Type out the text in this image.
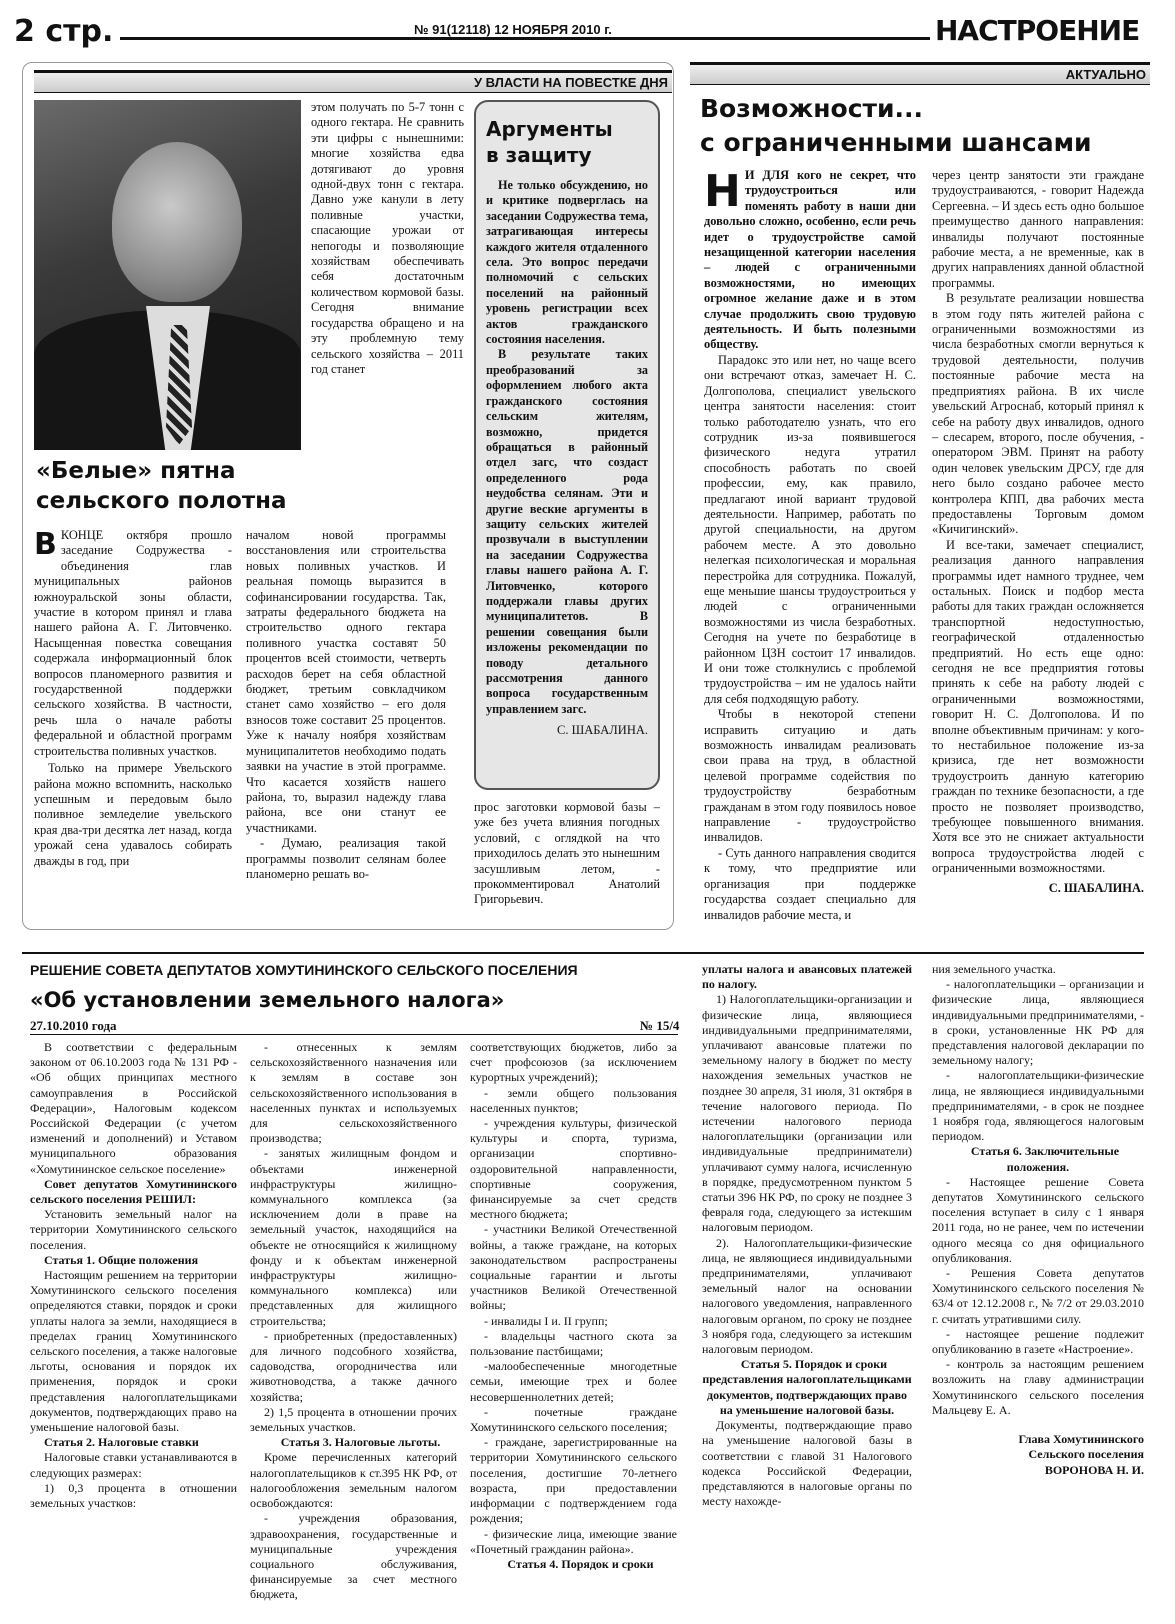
2 стр.	№ 91(12118) 12 НОЯБРЯ 2010 г.	НАСТРОЕНИЕ
У ВЛАСТИ НА ПОВЕСТКЕ ДНЯ

этом получать по 5-7 тонн с одного гектара. Не сравнить эти цифры с нынешними: многие хозяйства едва дотягивают до уровня одной-двух тонн с гектара. Давно уже канули в лету поливные участки, спасающие урожаи от непогоды и позволяющие хозяйствам обеспечивать себя достаточным количеством кормовой базы. Сегодня внимание государства обращено и на эту проблемную тему сельского хозяйства – 2011 год станет

«Белые» пятна
сельского полотна
В КОНЦЕ октября прошло заседание Содружества - объединения глав муниципальных районов южноуральской зоны области, участие в котором принял и глава нашего района А. Г. Литовченко. Насыщенная повестка совещания содержала информационный блок вопросов планомерного развития и государственной поддержки сельского хозяйства. В частности, речь шла о начале работы федеральной и областной программ строительства поливных участков.

Только на примере Увельского района можно вспомнить, насколько успешным и передовым было поливное земледелие увельского края два-три десятка лет назад, когда урожай сена удавалось собирать дважды в год, при

началом новой программы восстановления или строительства новых поливных участков. И реальная помощь выразится в софинансировании государства. Так, затраты федерального бюджета на строительство одного гектара поливного участка составят 50 процентов всей стоимости, четверть расходов берет на себя областной бюджет, третьим совкладчиком станет само хозяйство – его доля взносов тоже составит 25 процентов. Уже к началу ноября хозяйствам муниципалитетов необходимо подать заявки на участие в этой программе. Что касается хозяйств нашего района, то, выразил надежду глава района, все они станут ее участниками.

- Думаю, реализация такой программы позволит селянам более планомерно решать во-

прос заготовки кормовой базы – уже без учета влияния погодных условий, с оглядкой на что приходилось делать это нынешним засушливым летом, - прокомментировал Анатолий Григорьевич.

Аргументы
в защиту

Не только обсуждению, но и критике подверглась на заседании Содружества тема, затрагивающая интересы каждого жителя отдаленного села. Это вопрос передачи полномочий с сельских поселений на районный уровень регистрации всех актов гражданского состояния населения.

В результате таких преобразований за оформлением любого акта гражданского состояния сельским жителям, возможно, придется обращаться в районный отдел загс, что создаст определенного рода неудобства селянам. Эти и другие веские аргументы в защиту сельских жителей прозвучали в выступлении на заседании Содружества главы нашего района А. Г. Литовченко, которого поддержали главы других муниципалитетов. В решении совещания были изложены рекомендации по поводу детального рассмотрения данного вопроса государственным управлением загс.

С. ШАБАЛИНА.
АКТУАЛЬНО
Возможности...
с ограниченными шансами
Н И ДЛЯ кого не секрет, что трудоустроиться или поменять работу в наши дни довольно сложно, особенно, если речь идет о трудоустройстве самой незащищенной категории населения – людей с ограниченными возможностями, но имеющих огромное желание даже и в этом случае продолжить свою трудовую деятельность. И быть полезными обществу.

Парадокс это или нет, но чаще всего они встречают отказ, замечает Н. С. Долгополова, специалист увельского центра занятости населения: стоит только работодателю узнать, что его сотрудник из-за появившегося физического недуга утратил способность работать по своей профессии, ему, как правило, предлагают иной вариант трудовой деятельности. Например, работать по другой специальности, на другом рабочем месте. А это довольно нелегкая психологическая и моральная перестройка для сотрудника. Пожалуй, еще меньшие шансы трудоустроиться у людей с ограниченными возможностями из числа безработных. Сегодня на учете по безработице в районном ЦЗН состоит 17 инвалидов. И они тоже столкнулись с проблемой трудоустройства – им не удалось найти для себя подходящую работу.

Чтобы в некоторой степени исправить ситуацию и дать возможность инвалидам реализовать свои права на труд, в областной целевой программе содействия по трудоустройству безработным гражданам в этом году появилось новое направление - трудоустройство инвалидов.

- Суть данного направления сводится к тому, что предприятие или организация при поддержке государства создает специально для инвалидов рабочие места, и

через центр занятости эти граждане трудоустраиваются, - говорит Надежда Сергеевна. – И здесь есть одно большое преимущество данного направления: инвалиды получают постоянные рабочие места, а не временные, как в других направлениях данной областной программы.

В результате реализации новшества в этом году пять жителей района с ограниченными возможностями из числа безработных смогли вернуться к трудовой деятельности, получив постоянные рабочие места на предприятиях района. В их числе увельский Агроснаб, который принял к себе на работу двух инвалидов, одного – слесарем, второго, после обучения, - оператором ЭВМ. Принят на работу один человек увельским ДРСУ, где для него было создано рабочее место контролера КПП, два рабочих места предоставлены Торговым домом «Кичигинский».

И все-таки, замечает специалист, реализация данного направления программы идет намного труднее, чем остальных. Поиск и подбор места работы для таких граждан осложняется транспортной недоступностью, географической отдаленностью предприятий. Но есть еще одно: сегодня не все предприятия готовы принять к себе на работу людей с ограниченными возможностями, говорит Н. С. Долгополова. И по вполне объективным причинам: у кого-то нестабильное положение из-за кризиса, где нет возможности трудоустроить данную категорию граждан по технике безопасности, а где просто не позволяет производство, требующее повышенного внимания. Хотя все это не снижает актуальности вопроса трудоустройства людей с ограниченными возможностями.

С. ШАБАЛИНА.
РЕШЕНИЕ СОВЕТА ДЕПУТАТОВ ХОМУТИНИНСКОГО СЕЛЬСКОГО ПОСЕЛЕНИЯ
«Об установлении земельного налога»
27.10.2010 года	№ 15/4

В соответствии с федеральным законом от 06.10.2003 года № 131 РФ - «Об общих принципах местного самоуправления в Российской Федерации», Налоговым кодексом Российской Федерации (с учетом изменений и дополнений) и Уставом муниципального образования «Хомутининское сельское поселение»

Совет депутатов Хомутининского сельского поселения РЕШИЛ:

Установить земельный налог на территории Хомутининского сельского поселения.

Статья 1. Общие положения

Настоящим решением на территории Хомутининского сельского поселения определяются ставки, порядок и сроки уплаты налога за земли, находящиеся в пределах границ Хомутининского сельского поселения, а также налоговые льготы, основания и порядок их применения, порядок и сроки представления налогоплательщиками документов, подтверждающих право на уменьшение налоговой базы.

Статья 2. Налоговые ставки

Налоговые ставки устанавливаются в следующих размерах:

1) 0,3 процента в отношении земельных участков:

- отнесенных к землям сельскохозяйственного назначения или к землям в составе зон сельскохозяйственного использования в населенных пунктах и используемых для сельскохозяйственного производства;

- занятых жилищным фондом и объектами инженерной инфраструктуры жилищно-коммунального комплекса (за исключением доли в праве на земельный участок, находящийся на объекте не относящийся к жилищному фонду и к объектам инженерной инфраструктуры жилищно-коммунального комплекса) или представленных для жилищного строительства;

- приобретенных (предоставленных) для личного подсобного хозяйства, садоводства, огородничества или животноводства, а также дачного хозяйства;

2) 1,5 процента в отношении прочих земельных участков.

Статья 3. Налоговые льготы.

Кроме перечисленных категорий налогоплательщиков к ст.395 НК РФ, от налогообложения земельным налогом освобождаются:

- учреждения образования, здравоохранения, государственные и муниципальные учреждения социального обслуживания, финансируемые за счет местного бюджета,

соответствующих бюджетов, либо за счет профсоюзов (за исключением курортных учреждений);

- земли общего пользования населенных пунктов;

- учреждения культуры, физической культуры и спорта, туризма, организации спортивно-оздоровительной направленности, спортивные сооружения, финансируемые за счет средств местного бюджета;

- участники Великой Отечественной войны, а также граждане, на которых законодательством распространены социальные гарантии и льготы участников Великой Отечественной войны;

- инвалиды I и. II групп;

- владельцы частного скота за пользование пастбищами;

-малообеспеченные многодетные семьи, имеющие трех и более несовершеннолетних детей;

- почетные граждане Хомутининского сельского поселения;

- граждане, зарегистрированные на территории Хомутининского сельского поселения, достигшие 70-летнего возраста, при предоставлении информации с подтверждением года рождения;

- физические лица, имеющие звание «Почетный гражданин района».

Статья 4. Порядок и сроки

уплаты налога и авансовых платежей по налогу.

1) Налогоплательщики-организации и физические лица, являющиеся индивидуальными предпринимателями, уплачивают авансовые платежи по земельному налогу в бюджет по месту нахождения земельных участков не позднее 30 апреля, 31 июля, 31 октября в течение налогового периода. По истечении налогового периода налогоплательщики (организации или индивидуальные предприниматели) уплачивают сумму налога, исчисленную в порядке, предусмотренном пунктом 5 статьи 396 НК РФ, по сроку не позднее 3 февраля года, следующего за истекшим налоговым периодом.

2). Налогоплательщики-физические лица, не являющиеся индивидуальными предпринимателями, уплачивают земельный налог на основании налогового уведомления, направленного налоговым органом, по сроку не позднее 3 ноября года, следующего за истекшим налоговым периодом.

Статья 5. Порядок и сроки представления налогоплательщиками документов, подтверждающих право на уменьшение налоговой базы.

Документы, подтверждающие право на уменьшение налоговой базы в соответствии с главой 31 Налогового кодекса Российской Федерации, представляются в налоговые органы по месту нахожде-

ния земельного участка.

- налогоплательщики – организации и физические лица, являющиеся индивидуальными предпринимателями, - в сроки, установленные НК РФ для представления налоговой декларации по земельному налогу;

- налогоплательщики-физические лица, не являющиеся индивидуальными предпринимателями, - в срок не позднее 1 ноября года, являющегося налоговым периодом.

Статья 6. Заключительные положения.

- Настоящее решение Совета депутатов Хомутининского сельского поселения вступает в силу с 1 января 2011 года, но не ранее, чем по истечении одного месяца со дня официального опубликования.

- Решения Совета депутатов Хомутининского сельского поселения № 63/4 от 12.12.2008 г., № 7/2 от 29.03.2010 г. считать утратившими силу.

- настоящее решение подлежит опубликованию в газете «Настроение».

- контроль за настоящим решением возложить на главу администрации Хомутининского сельского поселения Мальцеву Е. А.

Глава Хомутининского
Сельского поселения
ВОРОНОВА Н. И.
